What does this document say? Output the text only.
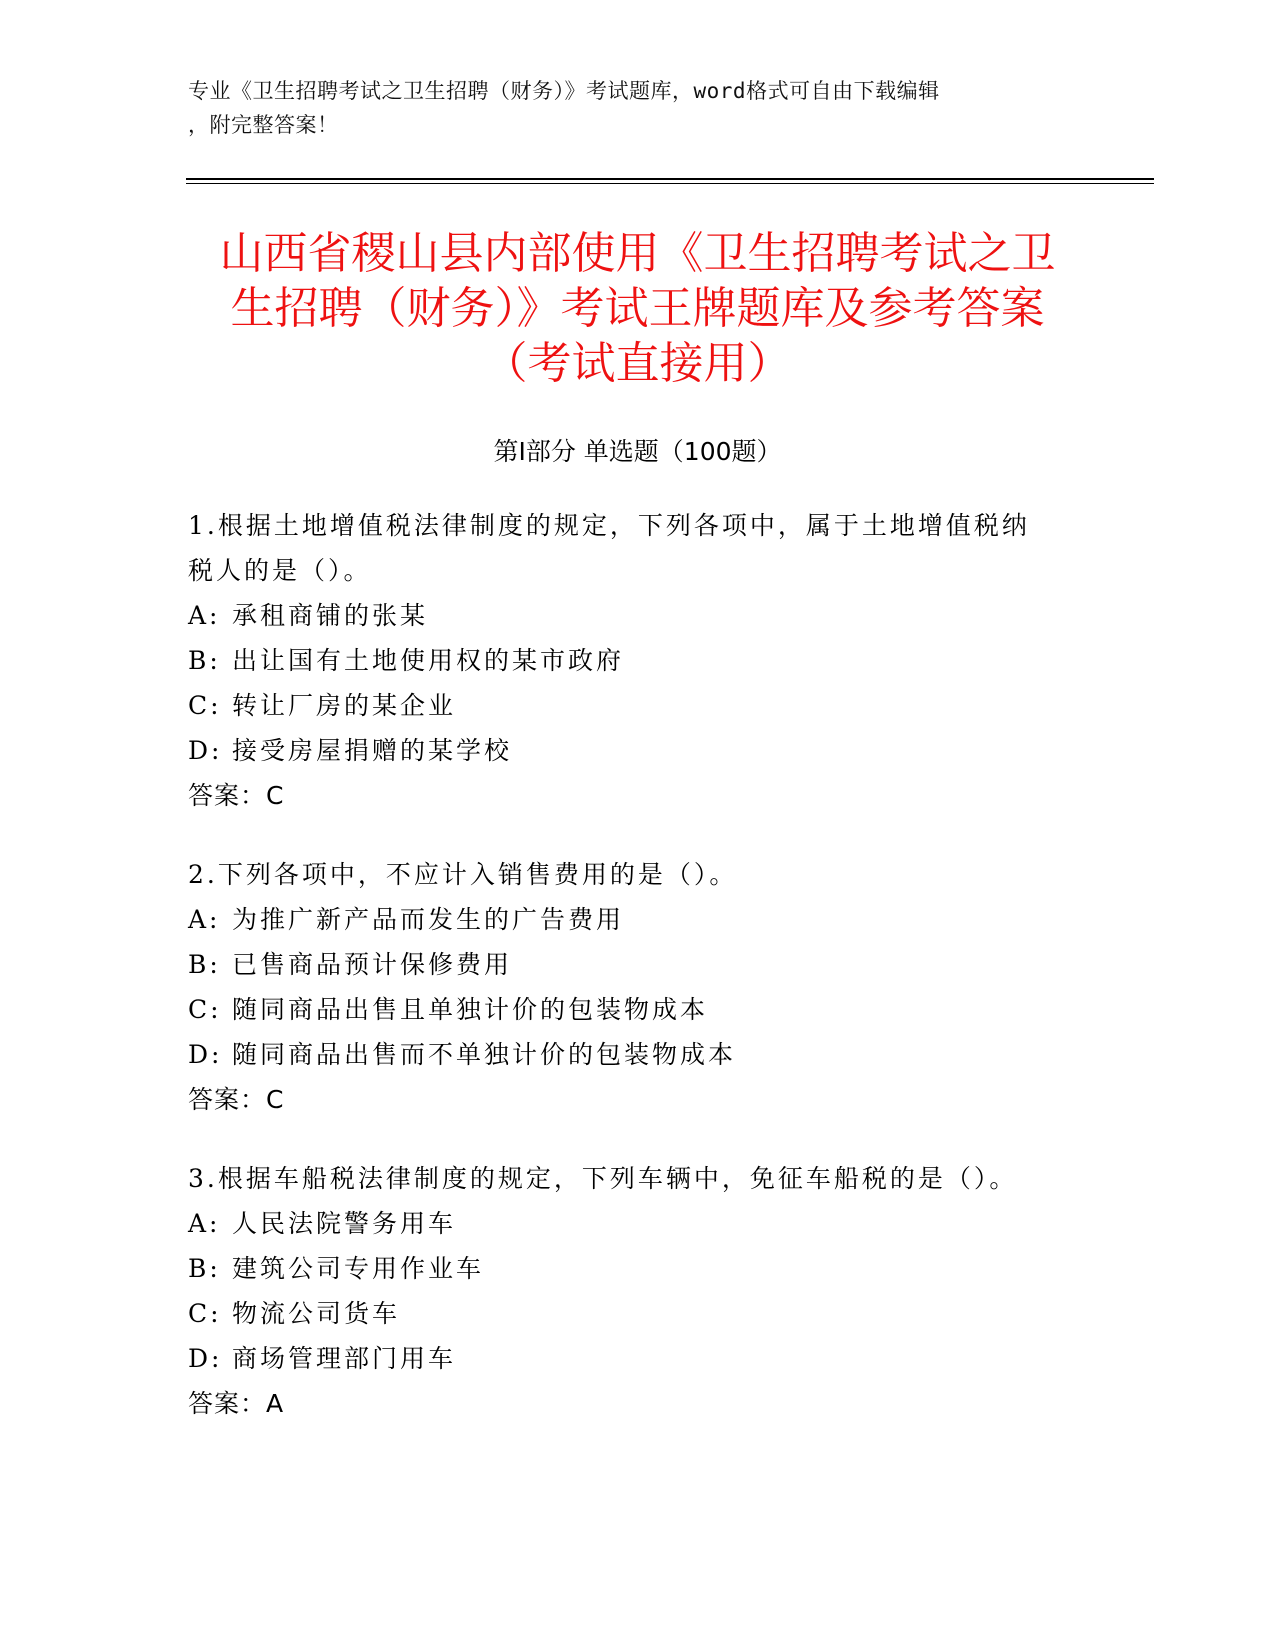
专业《卫生招聘考试之卫生招聘（财务）》考试题库，word格式可自由下载编辑
，附完整答案！
山西省稷山县内部使用《卫生招聘考试之卫
生招聘（财务）》考试王牌题库及参考答案
（考试直接用）
第Ⅰ部分 单选题（100题）

1.根据土地增值税法律制度的规定，下列各项中，属于土地增值税纳

税人的是（）。

A: 承租商铺的张某

B: 出让国有土地使用权的某市政府

C: 转让厂房的某企业

D: 接受房屋捐赠的某学校

答案：C

2.下列各项中，不应计入销售费用的是（）。

A: 为推广新产品而发生的广告费用

B: 已售商品预计保修费用

C: 随同商品出售且单独计价的包装物成本

D: 随同商品出售而不单独计价的包装物成本

答案：C

3.根据车船税法律制度的规定，下列车辆中，免征车船税的是（）。

A: 人民法院警务用车

B: 建筑公司专用作业车

C: 物流公司货车

D: 商场管理部门用车

答案：A
